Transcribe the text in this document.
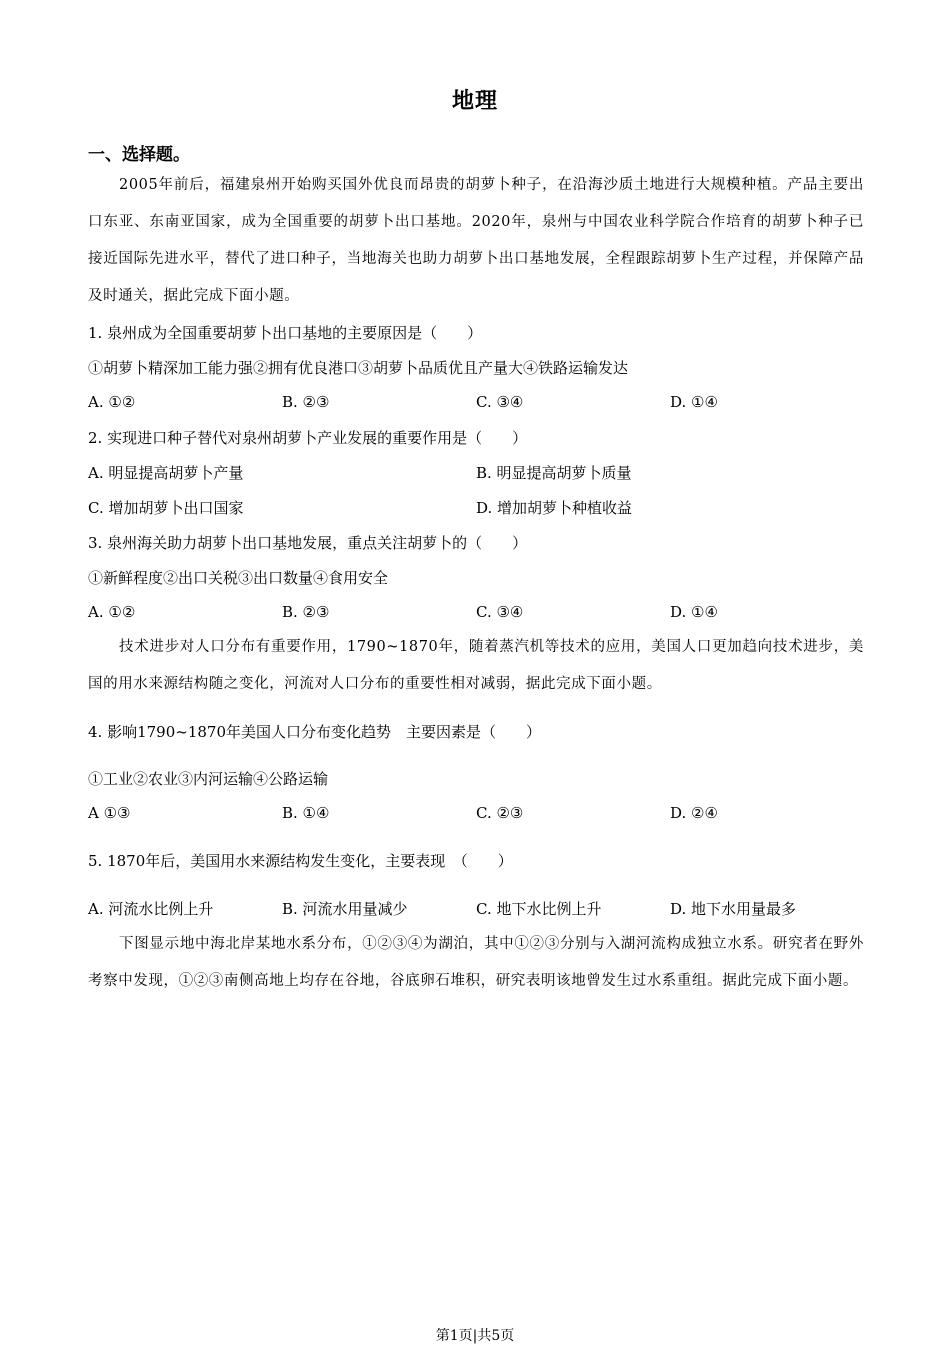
地理
一、选择题。
2005年前后，福建泉州开始购买国外优良而昂贵的胡萝卜种子，在沿海沙质土地进行大规模种植。产品主要出口东亚、东南亚国家，成为全国重要的胡萝卜出口基地。2020年，泉州与中国农业科学院合作培育的胡萝卜种子已接近国际先进水平，替代了进口种子，当地海关也助力胡萝卜出口基地发展，全程跟踪胡萝卜生产过程，并保障产品及时通关，据此完成下面小题。
1. 泉州成为全国重要胡萝卜出口基地的主要原因是（　　）
①胡萝卜精深加工能力强②拥有优良港口③胡萝卜品质优且产量大④铁路运输发达
A. ①②	B. ②③	C. ③④	D. ①④
2. 实现进口种子替代对泉州胡萝卜产业发展的重要作用是（　　）
A. 明显提高胡萝卜产量	B. 明显提高胡萝卜质量
C. 增加胡萝卜出口国家	D. 增加胡萝卜种植收益
3. 泉州海关助力胡萝卜出口基地发展，重点关注胡萝卜的（　　）
①新鲜程度②出口关税③出口数量④食用安全
A. ①②	B. ②③	C. ③④	D. ①④
技术进步对人口分布有重要作用，1790~1870年，随着蒸汽机等技术的应用，美国人口更加趋向技术进步，美国的用水来源结构随之变化，河流对人口分布的重要性相对减弱，据此完成下面小题。
4. 影响1790~1870年美国人口分布变化趋势　主要因素是（　　）
①工业②农业③内河运输④公路运输
A ①③	B. ①④	C. ②③	D. ②④
5. 1870年后，美国用水来源结构发生变化，主要表现　（　　）
A. 河流水比例上升	B. 河流水用量减少	C. 地下水比例上升	D. 地下水用量最多
下图显示地中海北岸某地水系分布，①②③④为湖泊，其中①②③分别与入湖河流构成独立水系。研究者在野外考察中发现，①②③南侧高地上均存在谷地，谷底卵石堆积，研究表明该地曾发生过水系重组。据此完成下面小题。
第1页|共5页
